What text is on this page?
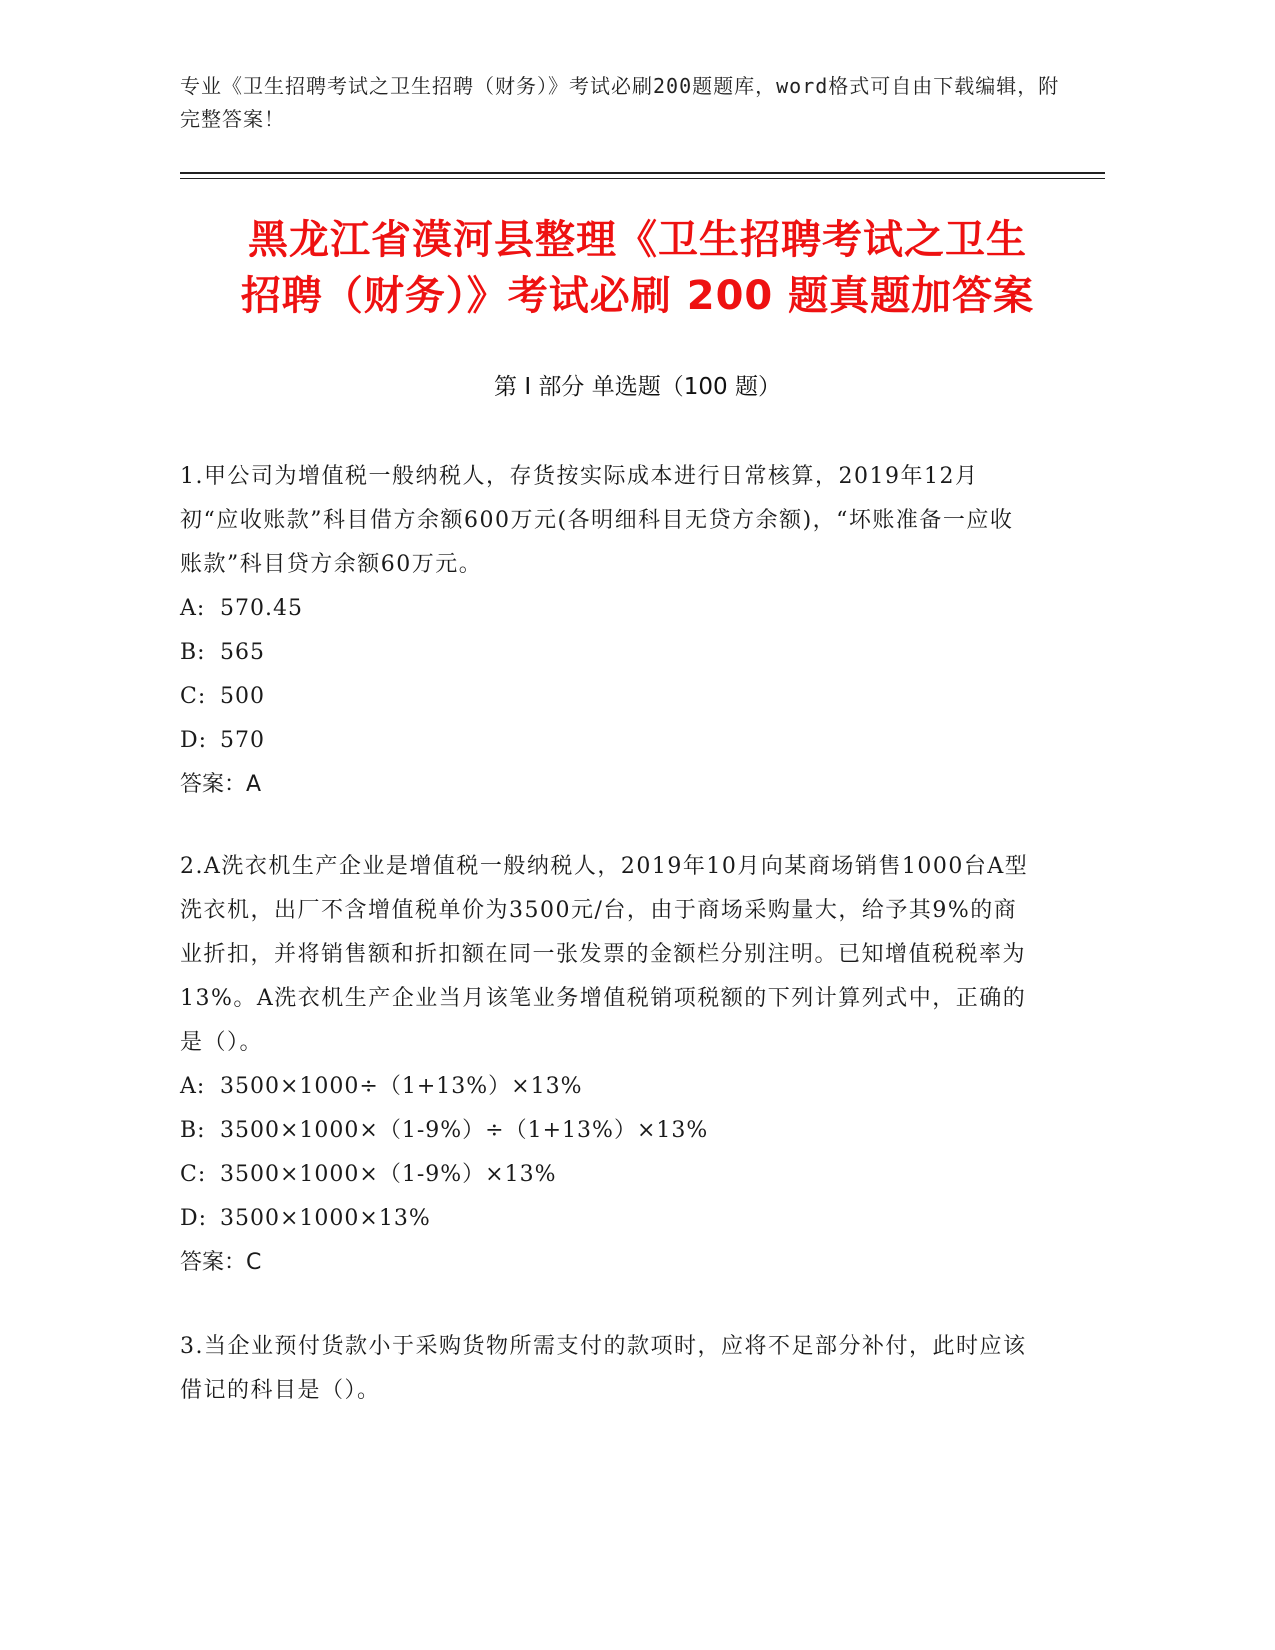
专业《卫生招聘考试之卫生招聘（财务）》考试必刷200题题库，word格式可自由下载编辑，附完整答案！
黑龙江省漠河县整理《卫生招聘考试之卫生
招聘（财务）》考试必刷 200 题真题加答案
第 I 部分 单选题（100 题）

1.甲公司为增值税一般纳税人，存货按实际成本进行日常核算，2019年12月初“应收账款”科目借方余额600万元(各明细科目无贷方余额)，“坏账准备一应收账款”科目贷方余额60万元。

A: 570.45

B: 565

C: 500

D: 570

答案：A

2.A洗衣机生产企业是增值税一般纳税人，2019年10月向某商场销售1000台A型洗衣机，出厂不含增值税单价为3500元/台，由于商场采购量大，给予其9%的商业折扣，并将销售额和折扣额在同一张发票的金额栏分别注明。已知增值税税率为13%。A洗衣机生产企业当月该笔业务增值税销项税额的下列计算列式中，正确的是（）。

A: 3500×1000÷（1+13%）×13%

B: 3500×1000×（1-9%）÷（1+13%）×13%

C: 3500×1000×（1-9%）×13%

D: 3500×1000×13%

答案：C

3.当企业预付货款小于采购货物所需支付的款项时，应将不足部分补付，此时应该借记的科目是（）。
